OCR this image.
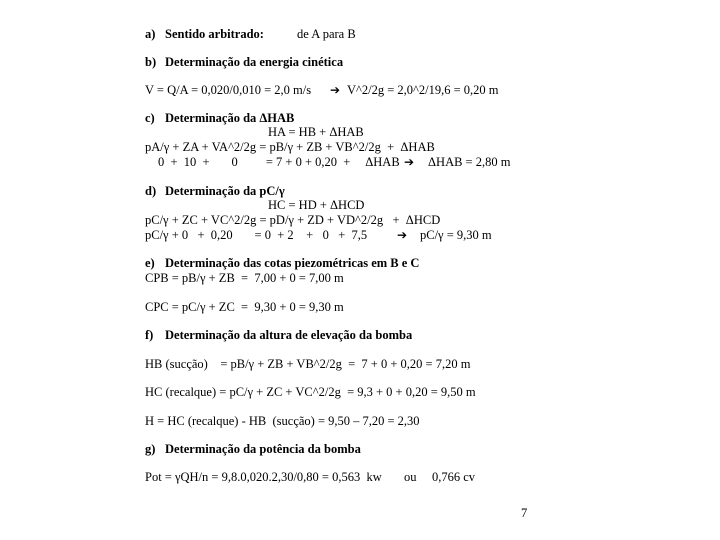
a) Sentido arbitrado:	de A para B
b) Determinação da energia cinética
V = Q/A = 0,020/0,010 = 2,0 m/s ➔ V^2/2g = 2,0^2/19,6 = 0,20 m
c) Determinação da ΔHAB
HA = HB + ΔHAB
pA/γ + ZA + VA^2/2g = pB/γ + ZB + VB^2/2g  +  ΔHAB
0  +  10  +       0         = 7 + 0 + 0,20  +     ΔHAB ➔ ΔHAB = 2,80 m
d) Determinação da pC/γ
HC = HD + ΔHCD
pC/γ + ZC + VC^2/2g = pD/γ + ZD + VD^2/2g   +  ΔHCD
pC/γ + 0   +  0,20       = 0  + 2    +   0   +  7,5 ➔ pC/γ = 9,30 m
e) Determinação das cotas piezométricas em B e C
CPB = pB/γ + ZB  =  7,00 + 0 = 7,00 m
CPC = pC/γ + ZC  =  9,30 + 0 = 9,30 m
f) Determinação da altura de elevação da bomba
HB (sucção)    = pB/γ + ZB + VB^2/2g  =  7 + 0 + 0,20 = 7,20 m
HC (recalque) = pC/γ + ZC + VC^2/2g  = 9,3 + 0 + 0,20 = 9,50 m
H = HC (recalque) - HB  (sucção) = 9,50 – 7,20 = 2,30
g) Determinação da potência da bomba
Pot = γQH/n = 9,8.0,020.2,30/0,80 = 0,563  kw ou 0,766 cv
7
